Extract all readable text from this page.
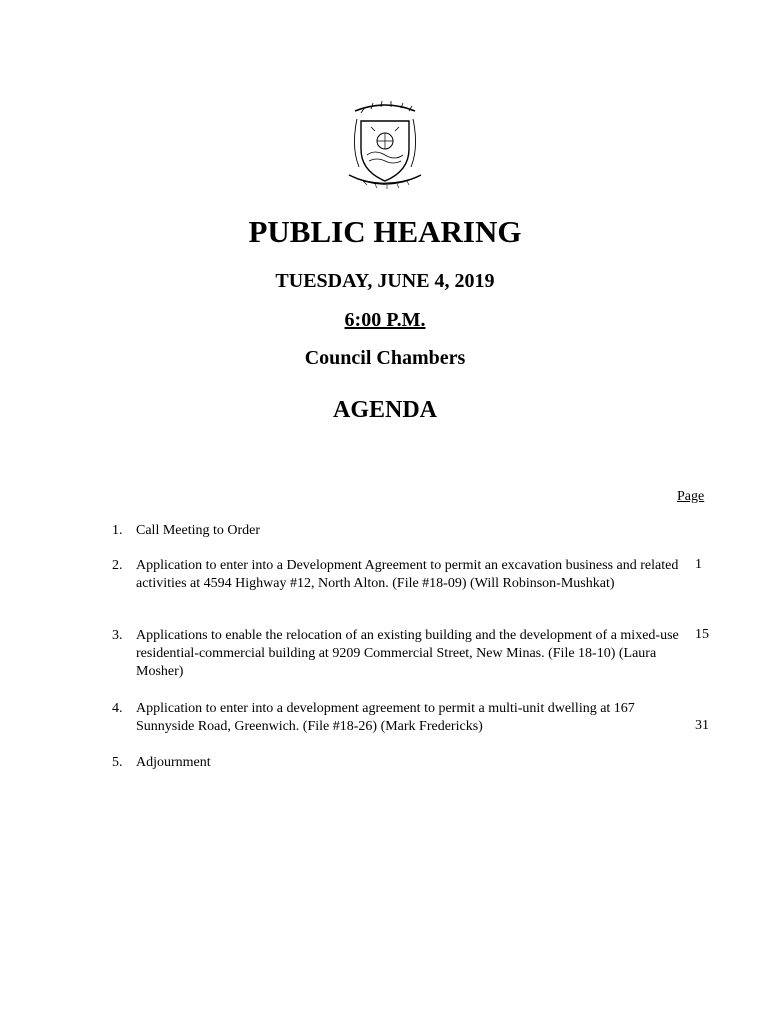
PUBLIC HEARING
TUESDAY, JUNE 4, 2019
6:00 P.M.
Council Chambers
AGENDA
Page
1. Call Meeting to Order
2. Application to enter into a Development Agreement to permit an excavation business and related activities at 4594 Highway #12, North Alton. (File #18-09) (Will Robinson-Mushkat)
1
3. Applications to enable the relocation of an existing building and the development of a mixed-use residential-commercial building at 9209 Commercial Street, New Minas. (File 18-10) (Laura Mosher)
15
4. Application to enter into a development agreement to permit a multi-unit dwelling at 167 Sunnyside Road, Greenwich. (File #18-26) (Mark Fredericks)	31
5. Adjournment
